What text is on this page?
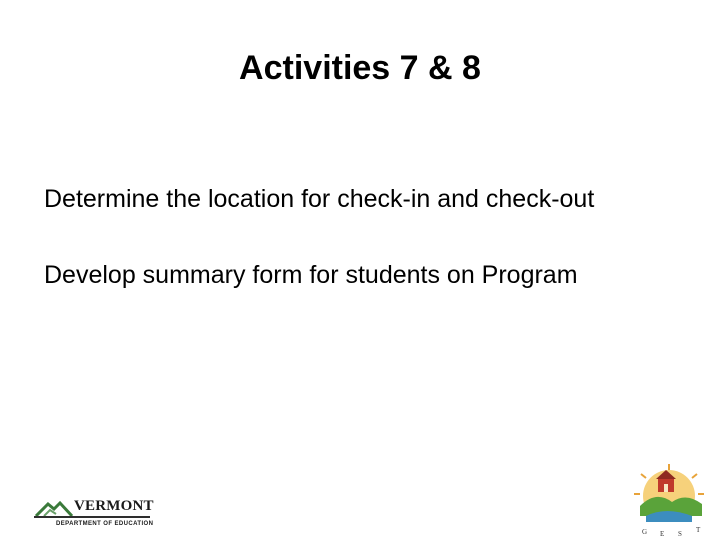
Activities 7 & 8
Determine the location for check-in and check-out
Develop summary form for students on Program
VERMONT
DEPARTMENT OF EDUCATION
G E S T
